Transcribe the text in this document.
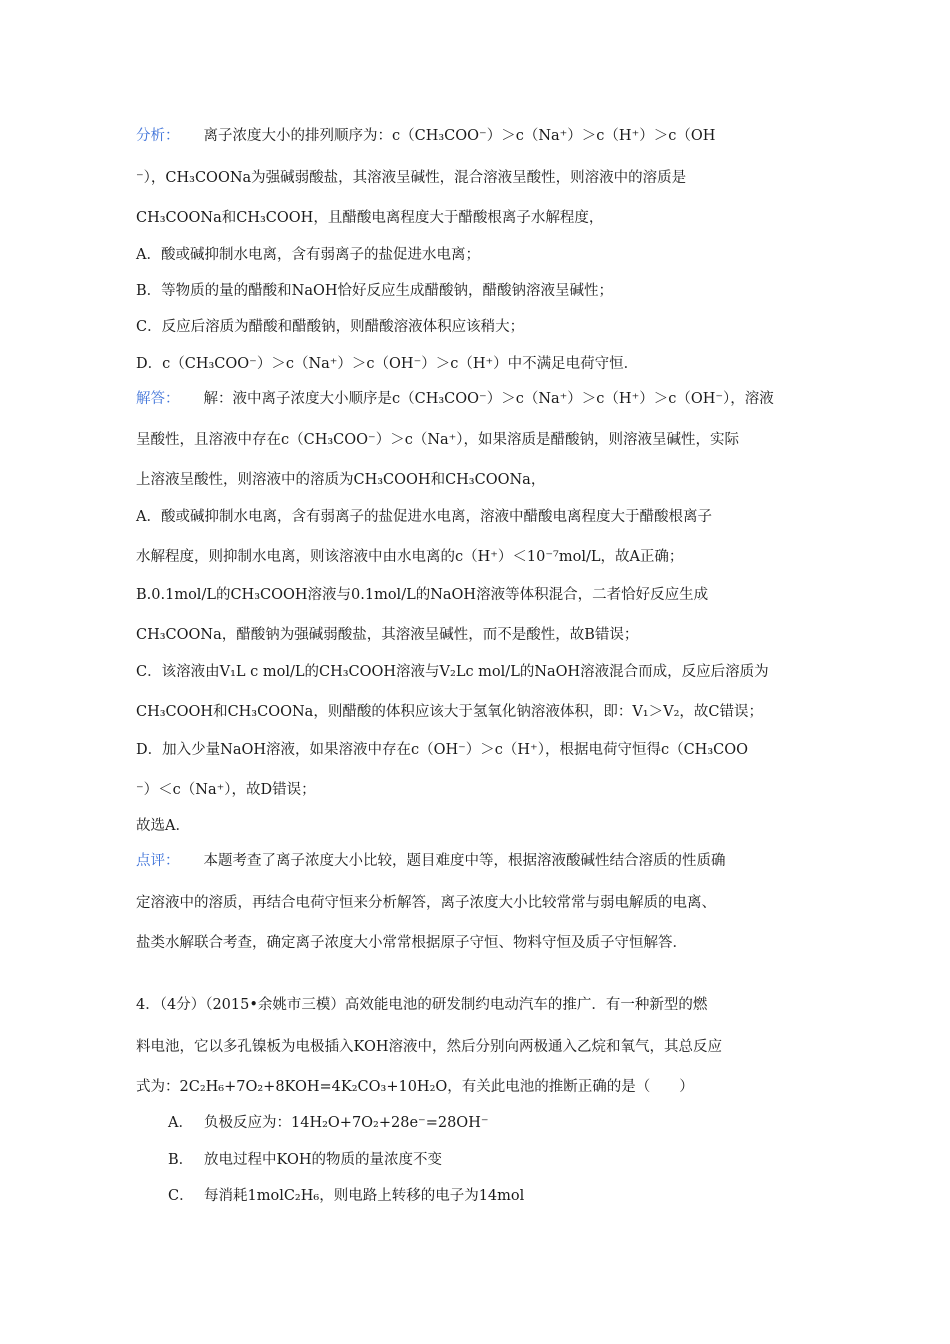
分析： 离子浓度大小的排列顺序为：c（CH₃COO⁻）＞c（Na⁺）＞c（H⁺）＞c（OH
⁻），CH₃COONa为强碱弱酸盐，其溶液呈碱性，混合溶液呈酸性，则溶液中的溶质是
CH₃COONa和CH₃COOH，且醋酸电离程度大于醋酸根离子水解程度，
A．酸或碱抑制水电离，含有弱离子的盐促进水电离；
B．等物质的量的醋酸和NaOH恰好反应生成醋酸钠，醋酸钠溶液呈碱性；
C．反应后溶质为醋酸和醋酸钠，则醋酸溶液体积应该稍大；
D．c（CH₃COO⁻）＞c（Na⁺）＞c（OH⁻）＞c（H⁺）中不满足电荷守恒．
解答： 解：液中离子浓度大小顺序是c（CH₃COO⁻）＞c（Na⁺）＞c（H⁺）＞c（OH⁻），溶液
呈酸性，且溶液中存在c（CH₃COO⁻）＞c（Na⁺），如果溶质是醋酸钠，则溶液呈碱性，实际
上溶液呈酸性，则溶液中的溶质为CH₃COOH和CH₃COONa，
A．酸或碱抑制水电离，含有弱离子的盐促进水电离，溶液中醋酸电离程度大于醋酸根离子
水解程度，则抑制水电离，则该溶液中由水电离的c（H⁺）＜10⁻⁷mol/L，故A正确；
B.0.1mol/L的CH₃COOH溶液与0.1mol/L的NaOH溶液等体积混合，二者恰好反应生成
CH₃COONa，醋酸钠为强碱弱酸盐，其溶液呈碱性，而不是酸性，故B错误；
C．该溶液由V₁L c mol/L的CH₃COOH溶液与V₂Lc mol/L的NaOH溶液混合而成，反应后溶质为
CH₃COOH和CH₃COONa，则醋酸的体积应该大于氢氧化钠溶液体积，即：V₁＞V₂，故C错误；
D．加入少量NaOH溶液，如果溶液中存在c（OH⁻）＞c（H⁺），根据电荷守恒得c（CH₃COO
⁻）＜c（Na⁺），故D错误；
故选A．
点评： 本题考查了离子浓度大小比较，题目难度中等，根据溶液酸碱性结合溶质的性质确
定溶液中的溶质，再结合电荷守恒来分析解答，离子浓度大小比较常常与弱电解质的电离、
盐类水解联合考查，确定离子浓度大小常常根据原子守恒、物料守恒及质子守恒解答．
4．（4分）（2015•余姚市三模）高效能电池的研发制约电动汽车的推广．有一种新型的燃
料电池，它以多孔镍板为电极插入KOH溶液中，然后分别向两极通入乙烷和氧气，其总反应
式为：2C₂H₆+7O₂+8KOH=4K₂CO₃+10H₂O，有关此电池的推断正确的是（　　）
A． 负极反应为：14H₂O+7O₂+28e⁻=28OH⁻
B． 放电过程中KOH的物质的量浓度不变
C． 每消耗1molC₂H₆，则电路上转移的电子为14mol
